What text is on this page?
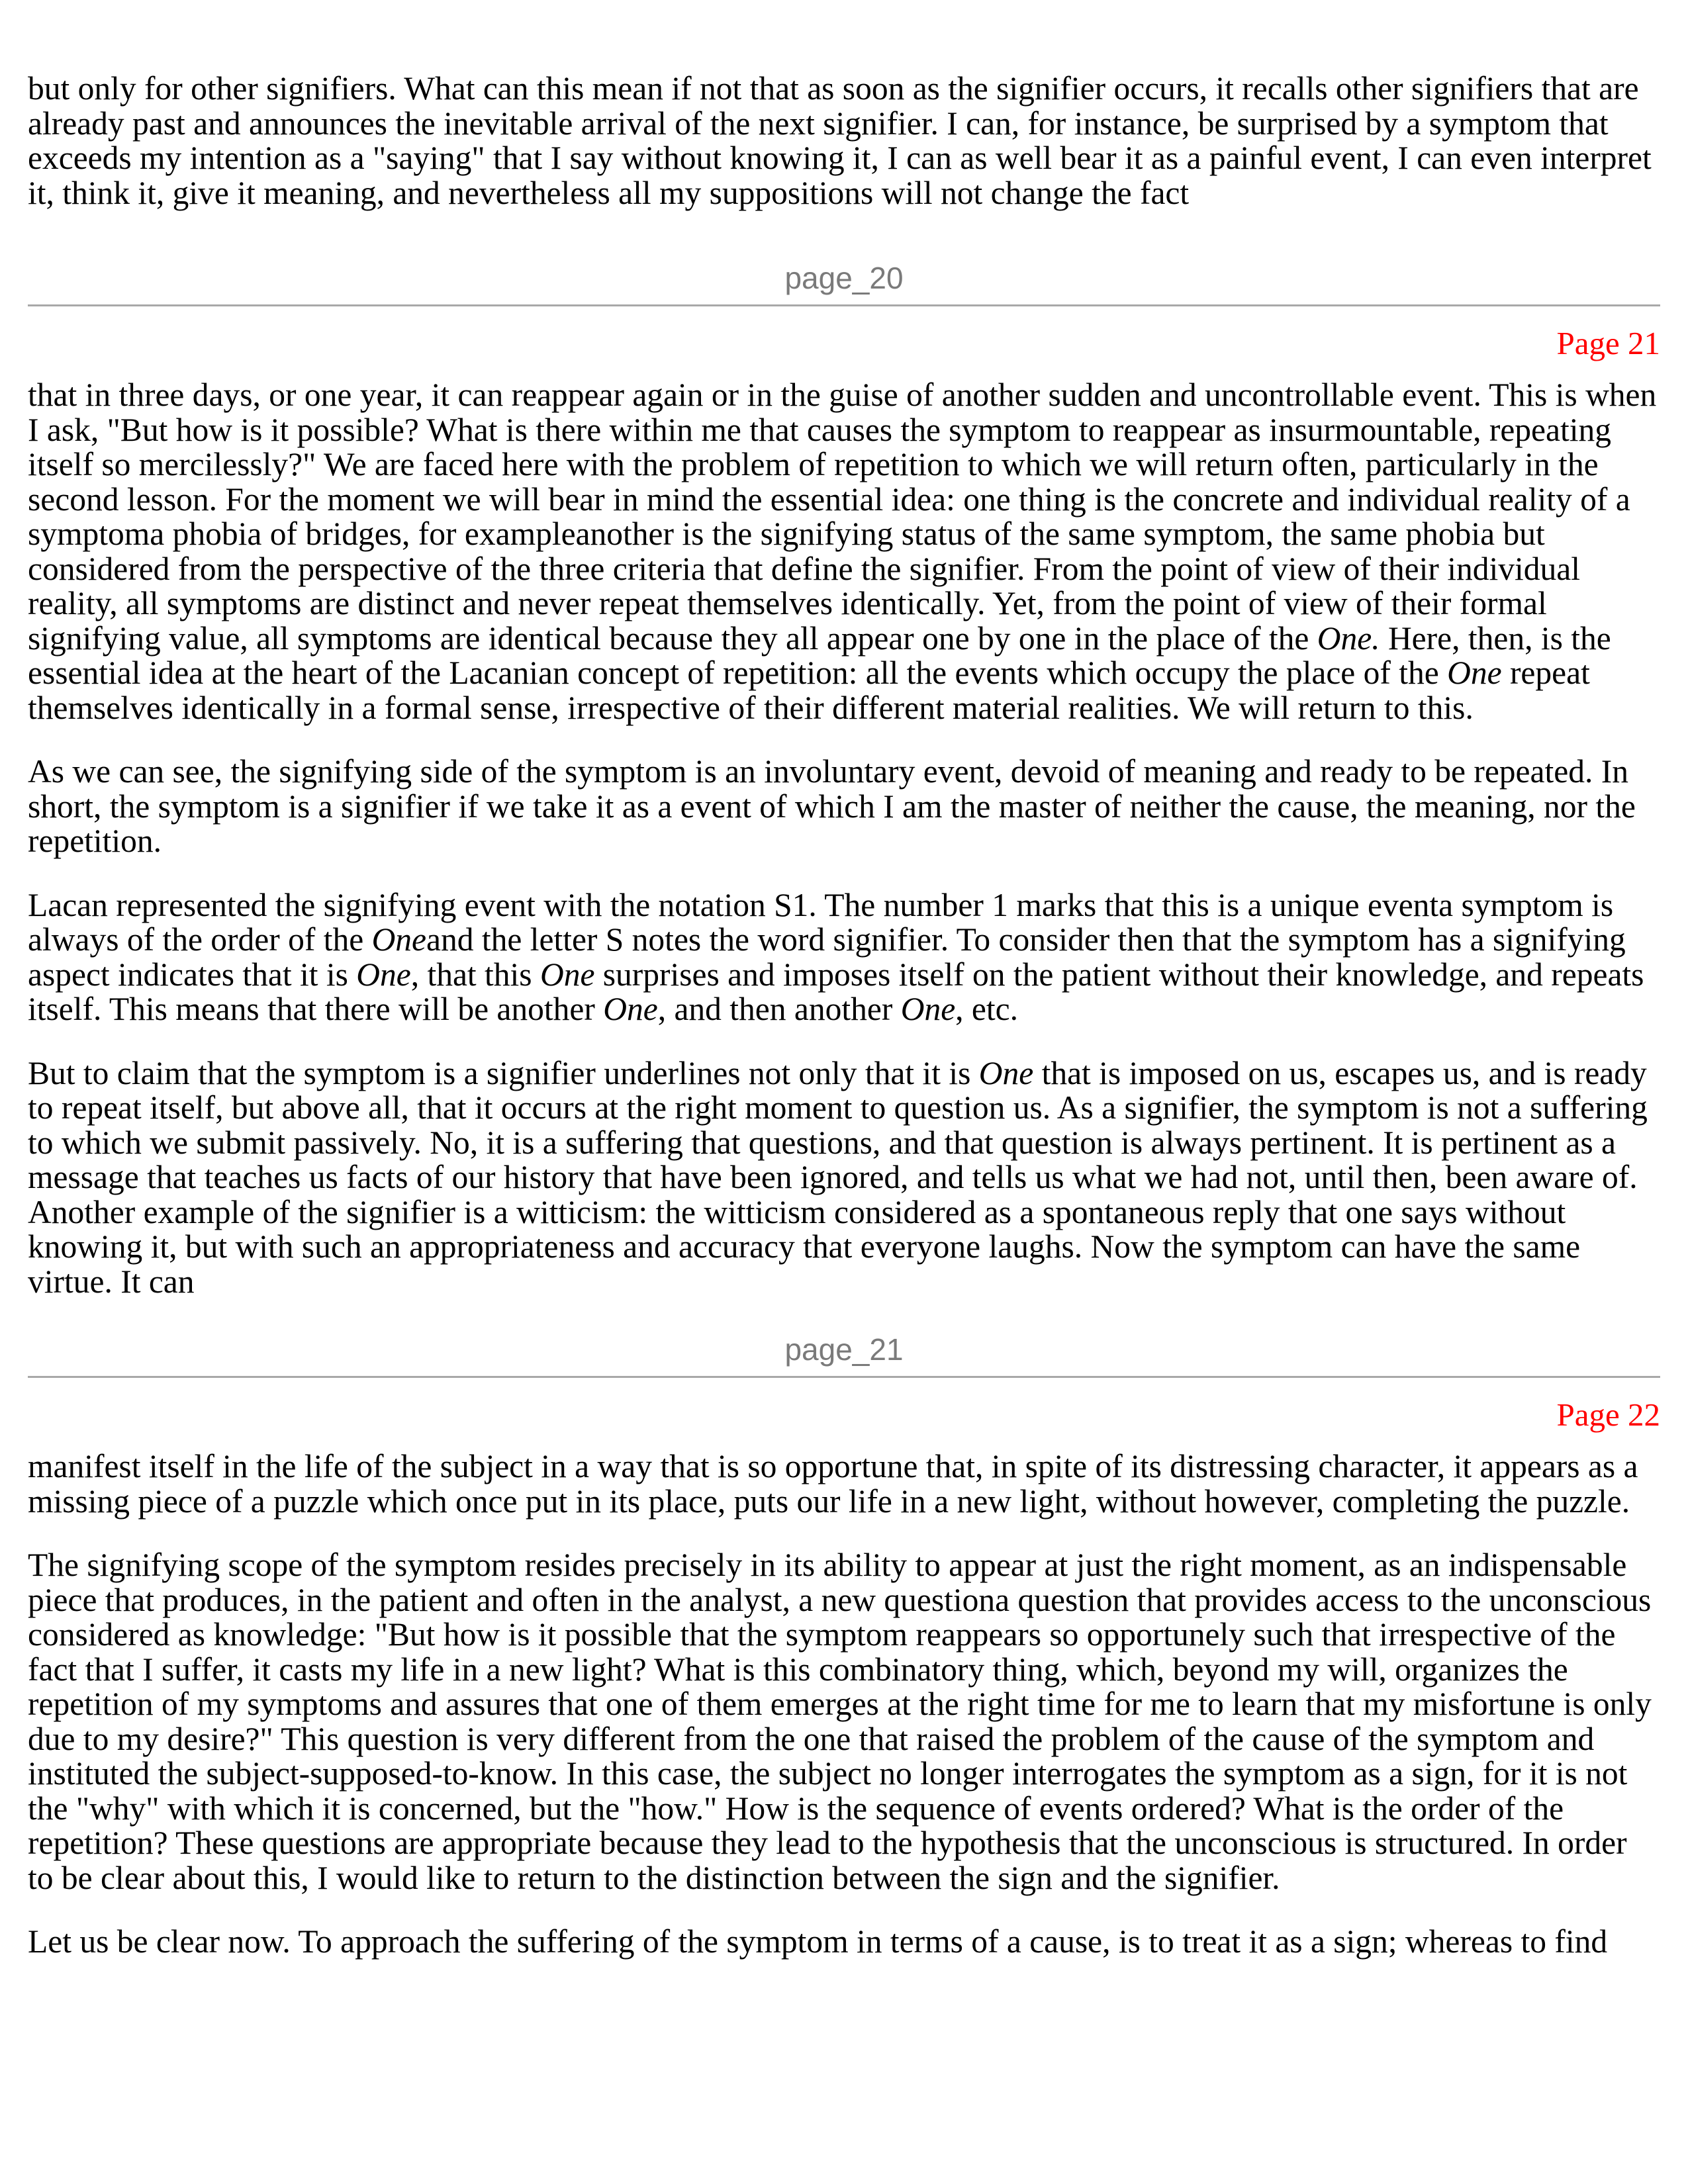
but only for other signifiers. What can this mean if not that as soon as the signifier occurs, it recalls other signifiers that are already past and announces the inevitable arrival of the next signifier. I can, for instance, be surprised by a symptom that exceeds my intention as a "saying" that I say without knowing it, I can as well bear it as a painful event, I can even interpret it, think it, give it meaning, and nevertheless all my suppositions will not change the fact

page_20

Page 21

that in three days, or one year, it can reappear again or in the guise of another sudden and uncontrollable event. This is when I ask, "But how is it possible? What is there within me that causes the symptom to reappear as insurmountable, repeating itself so mercilessly?" We are faced here with the problem of repetition to which we will return often, particularly in the second lesson. For the moment we will bear in mind the essential idea: one thing is the concrete and individual reality of a symptoma phobia of bridges, for exampleanother is the signifying status of the same symptom, the same phobia but considered from the perspective of the three criteria that define the signifier. From the point of view of their individual reality, all symptoms are distinct and never repeat themselves identically. Yet, from the point of view of their formal signifying value, all symptoms are identical because they all appear one by one in the place of the One. Here, then, is the essential idea at the heart of the Lacanian concept of repetition: all the events which occupy the place of the One repeat themselves identically in a formal sense, irrespective of their different material realities. We will return to this.

As we can see, the signifying side of the symptom is an involuntary event, devoid of meaning and ready to be repeated. In short, the symptom is a signifier if we take it as a event of which I am the master of neither the cause, the meaning, nor the repetition.

Lacan represented the signifying event with the notation S1. The number 1 marks that this is a unique eventa symptom is always of the order of the Oneand the letter S notes the word signifier. To consider then that the symptom has a signifying aspect indicates that it is One, that this One surprises and imposes itself on the patient without their knowledge, and repeats itself. This means that there will be another One, and then another One, etc.

But to claim that the symptom is a signifier underlines not only that it is One that is imposed on us, escapes us, and is ready to repeat itself, but above all, that it occurs at the right moment to question us. As a signifier, the symptom is not a suffering to which we submit passively. No, it is a suffering that questions, and that question is always pertinent. It is pertinent as a message that teaches us facts of our history that have been ignored, and tells us what we had not, until then, been aware of. Another example of the signifier is a witticism: the witticism considered as a spontaneous reply that one says without knowing it, but with such an appropriateness and accuracy that everyone laughs. Now the symptom can have the same virtue. It can

page_21

Page 22

manifest itself in the life of the subject in a way that is so opportune that, in spite of its distressing character, it appears as a missing piece of a puzzle which once put in its place, puts our life in a new light, without however, completing the puzzle.

The signifying scope of the symptom resides precisely in its ability to appear at just the right moment, as an indispensable piece that produces, in the patient and often in the analyst, a new questiona question that provides access to the unconscious considered as knowledge: "But how is it possible that the symptom reappears so opportunely such that irrespective of the fact that I suffer, it casts my life in a new light? What is this combinatory thing, which, beyond my will, organizes the repetition of my symptoms and assures that one of them emerges at the right time for me to learn that my misfortune is only due to my desire?" This question is very different from the one that raised the problem of the cause of the symptom and instituted the subject-supposed-to-know. In this case, the subject no longer interrogates the symptom as a sign, for it is not the "why" with which it is concerned, but the "how." How is the sequence of events ordered? What is the order of the repetition? These questions are appropriate because they lead to the hypothesis that the unconscious is structured. In order to be clear about this, I would like to return to the distinction between the sign and the signifier.

Let us be clear now. To approach the suffering of the symptom in terms of a cause, is to treat it as a sign; whereas to find
